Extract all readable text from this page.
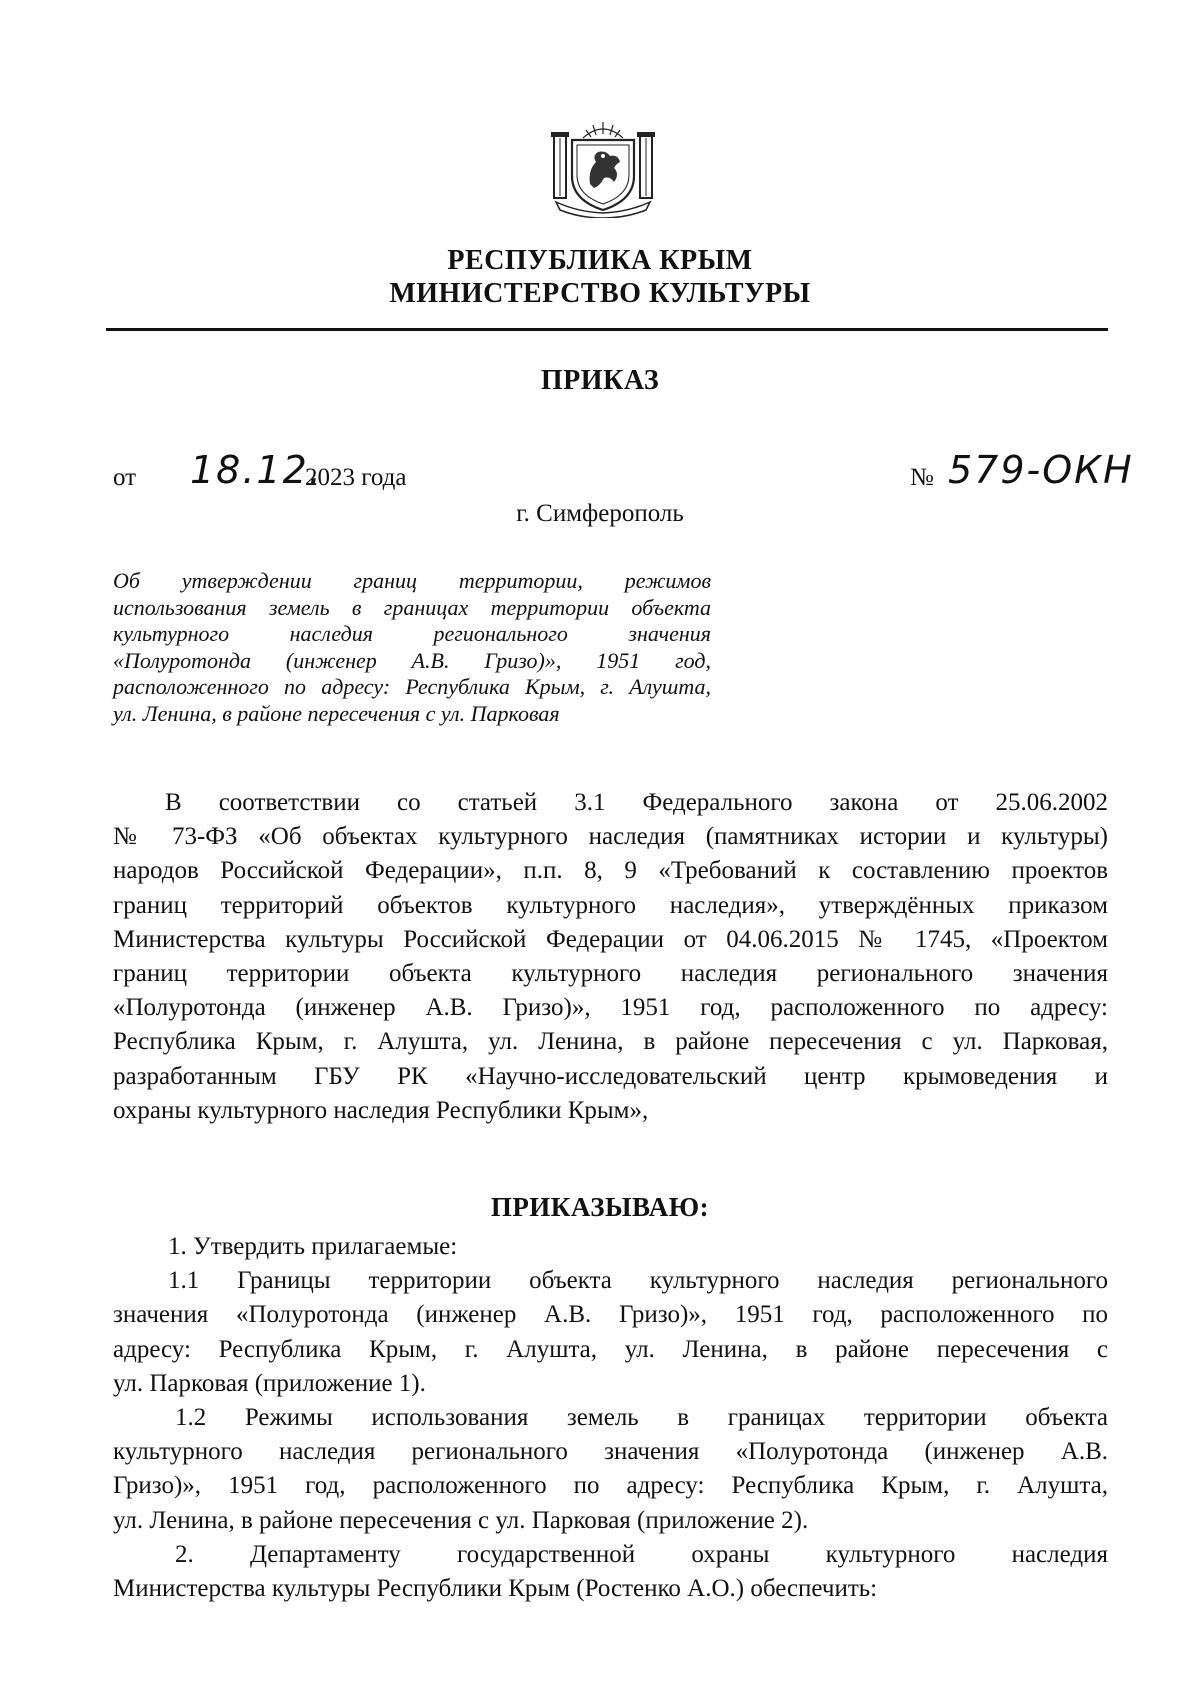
РЕСПУБЛИКА КРЫМ
МИНИСТЕРСТВО КУЛЬТУРЫ
ПРИКАЗ
от 18.12.
2023 года	№ 579-ОКН
г. Симферополь
Об утверждении границ территории, режимов
использования земель в границах территории объекта
культурного наследия регионального значения
«Полуротонда (инженер А.В. Гризо)», 1951 год,
расположенного по адресу: Республика Крым, г. Алушта,
ул. Ленина, в районе пересечения с ул. Парковая
В соответствии со статьей 3.1 Федерального закона от 25.06.2002
№ 73-ФЗ «Об объектах культурного наследия (памятниках истории и культуры)
народов Российской Федерации», п.п. 8, 9 «Требований к составлению проектов
границ территорий объектов культурного наследия», утверждённых приказом
Министерства культуры Российской Федерации от 04.06.2015 № 1745, «Проектом
границ территории объекта культурного наследия регионального значения
«Полуротонда (инженер А.В. Гризо)», 1951 год, расположенного по адресу:
Республика Крым, г. Алушта, ул. Ленина, в районе пересечения с ул. Парковая,
разработанным ГБУ РК «Научно-исследовательский центр крымоведения и
охраны культурного наследия Республики Крым»,
ПРИКАЗЫВАЮ:
1. Утвердить прилагаемые:
1.1 Границы территории объекта культурного наследия регионального
значения «Полуротонда (инженер А.В. Гризо)», 1951 год, расположенного по
адресу: Республика Крым, г. Алушта, ул. Ленина, в районе пересечения с
ул. Парковая (приложение 1).
1.2 Режимы использования земель в границах территории объекта
культурного наследия регионального значения «Полуротонда (инженер А.В.
Гризо)», 1951 год, расположенного по адресу: Республика Крым, г. Алушта,
ул. Ленина, в районе пересечения с ул. Парковая (приложение 2).
2. Департаменту государственной охраны культурного наследия
Министерства культуры Республики Крым (Ростенко А.О.) обеспечить:
